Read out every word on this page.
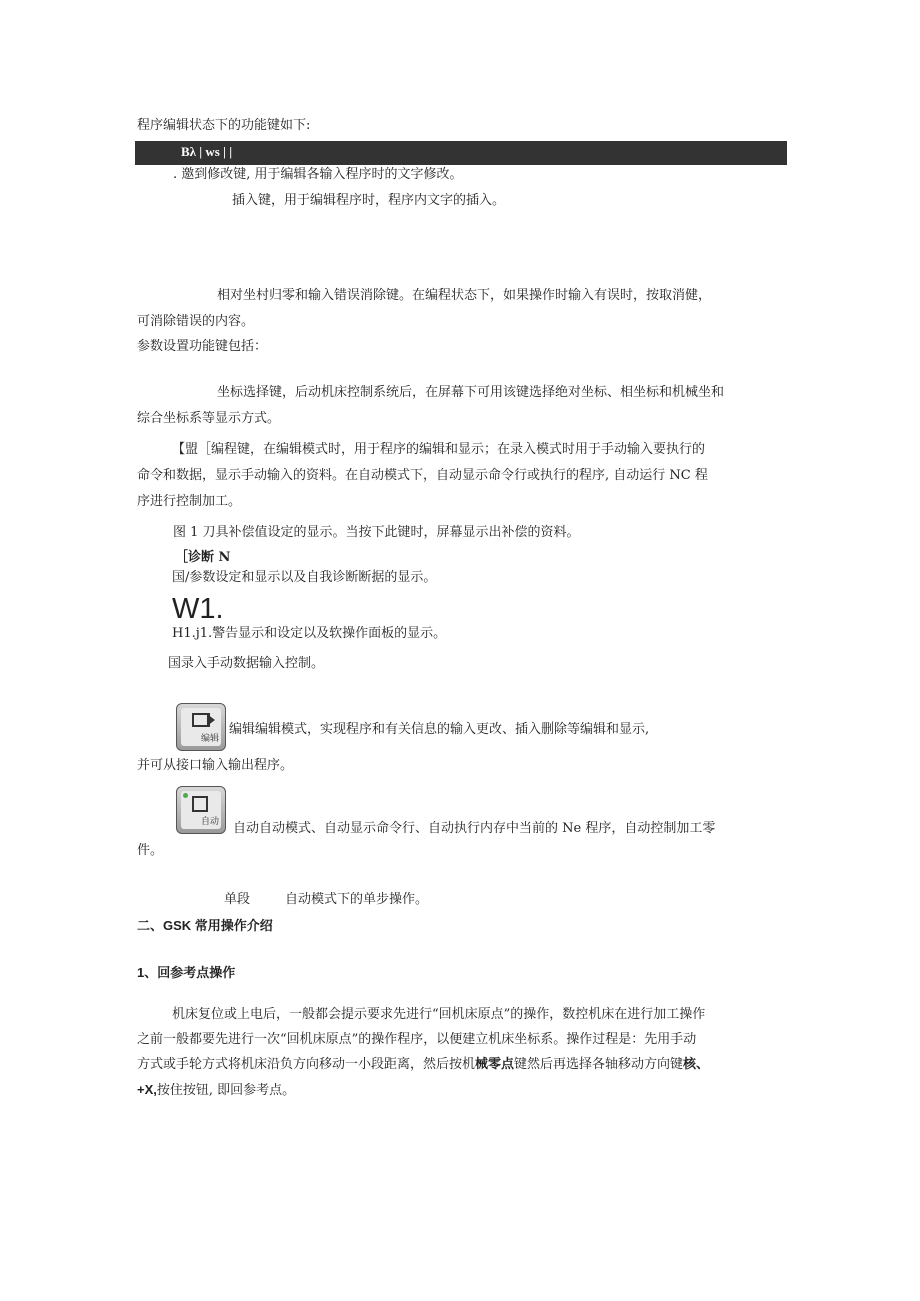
程序编辑状态下的功能键如下:
Bλ | ws | |
. 邀到修改键, 用于编辑各输入程序时的文字修改。
插入键，用于编辑程序时，程序内文字的插入。
相对坐村归零和输入错误消除键。在编程状态下，如果操作时输入有误时，按取消健，
可消除错误的内容。
参数设置功能键包括：
坐标选择键，后动机床控制系统后，在屏幕下可用该键选择绝对坐标、相坐标和机械坐和
综合坐标系等显示方式。
【盟［编程键，在编辑模式时，用于程序的编辑和显示；在录入模式时用于手动输入要执行的
命令和数据，显示手动输入的资料。在自动模式下，自动显示命令行或执行的程序, 自动运行 NC 程
序进行控制加工。
图 1 刀具补偿值设定的显示。当按下此键时，屏幕显示出补偿的资料。
［诊断 N
国/参数设定和显示以及自我诊断断据的显示。
W1.
H1.j1.警告显示和设定以及软操作面板的显示。
国录入手动数据输入控制。
编辑
编辑编辑模式，实现程序和有关信息的输入更改、插入删除等编辑和显示,
并可从接口输入输出程序。
自动 自动自动模式、自动显示命令行、自动执行内存中当前的 Ne 程序，自动控制加工零
件。
单段	自动模式下的单步操作。
二、GSK 常用操作介绍
1、回参考点操作
机床复位或上电后，一般都会提示要求先进行“回机床原点”的操作，数控机床在进行加工操作
之前一般都要先进行一次“回机床原点”的操作程序，以便建立机床坐标系。操作过程是：先用手动
方式或手轮方式将机床沿负方向移动一小段距离，然后按机械零点键然后再选择各轴移动方向键核、
+X,按住按钮, 即回参考点。
